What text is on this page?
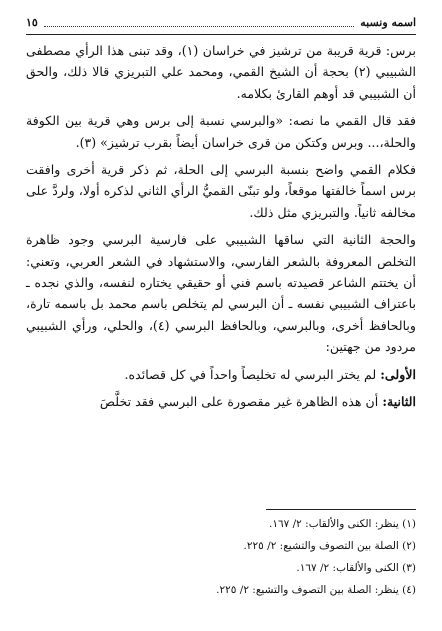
اسمه ونسبه
١٥

برس: قرية قريبة من ترشيز في خراسان (١)، وقد تبنى هذا الرأي مصطفى الشبيبي (٢) بحجة أن الشيخ القمي، ومحمد علي التبريزي قالا ذلك، والحق أن الشبيبي قد أوهم القارئ بكلامه.

فقد قال القمي ما نصه: «والبرسي نسبة إلى برس وهي قرية بين الكوفة والحلة،... وبرس وكتكن من قرى خراسان أيضاً بقرب ترشيز» (٣).

فكلام القمي واضح بنسبة البرسي إلى الحلة، ثم ذكر قرية أخرى وافقت برس اسماً خالفتها موقعاً، ولو تبنّى القميُّ الرأي الثاني لذكره أولا، ولردَّ على مخالفه ثانياً. والتبريزي مثل ذلك.

والحجة الثانية التي ساقها الشبيبي على فارسية البرسي وجود ظاهرة التخلص المعروفة بالشعر الفارسي، والاستشهاد في الشعر العربي، وتعني: أن يختتم الشاعر قصيدته باسم فني أو حقيقي يختاره لنفسه، والذي نجده ـ باعتراف الشبيبي نفسه ـ أن البرسي لم يتخلص باسم محمد بل باسمه تارة، وبالحافظ أخرى، وبالبرسي، وبالحافظ البرسي (٤)، والحلي، ورأي الشبيبي مردود من جهتين:

الأولى: لم يختر البرسي له تخليصاً واحداً في كل قصائده.

الثانية: أن هذه الظاهرة غير مقصورة على البرسي فقد تخلَّصَ

(١) ينظر: الكنى والألقاب: ٢/ ١٦٧.
(٢) الصلة بين التصوف والتشيع: ٢/ ٢٢٥.
(٣) الكنى والألقاب: ٢/ ١٦٧.
(٤) ينظر: الصلة بين التصوف والتشيع: ٢/ ٢٢٥.
